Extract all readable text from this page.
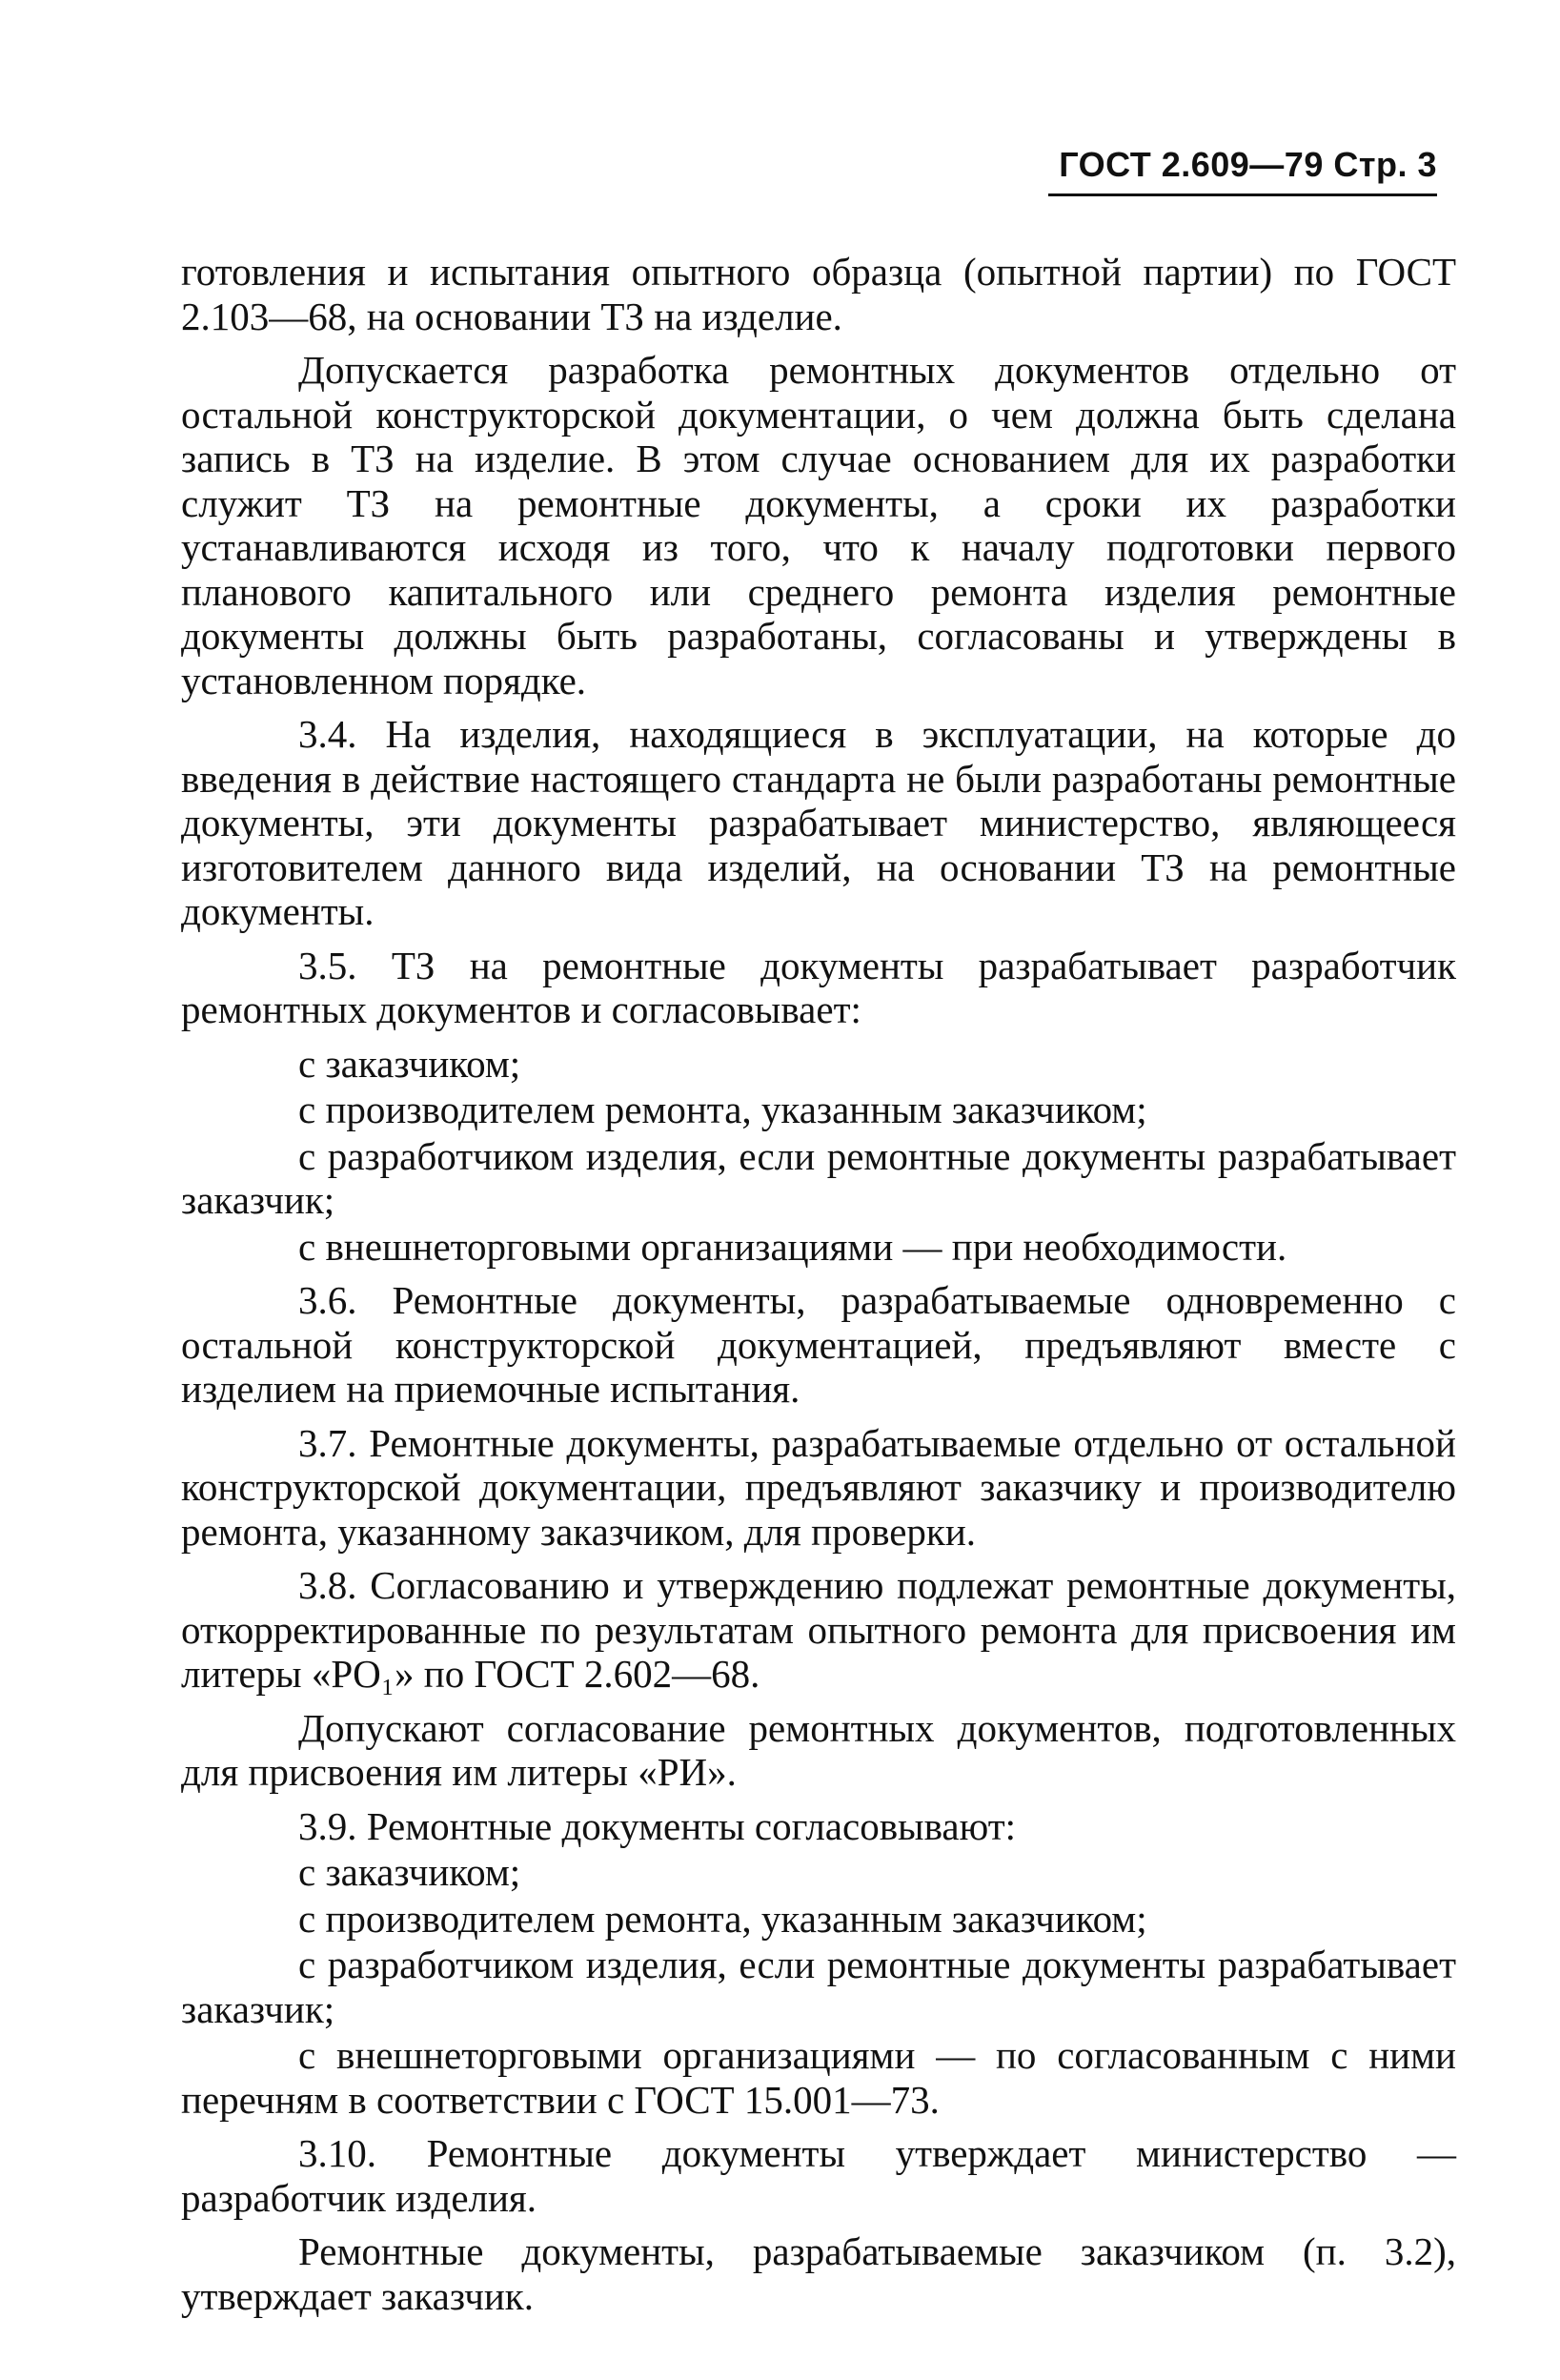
ГОСТ 2.609—79 Стр. 3

готовления и испытания опытного образца (опытной партии) по ГОСТ 2.103—68, на основании ТЗ на изделие.

Допускается разработка ремонтных документов отдельно от остальной конструкторской документации, о чем должна быть сделана запись в ТЗ на изделие. В этом случае основанием для их разработки служит ТЗ на ремонтные документы, а сроки их разработки устанавливаются исходя из того, что к началу подготовки первого планового капитального или среднего ремонта изделия ремонтные документы должны быть разработаны, согласованы и утверждены в установленном порядке.

3.4. На изделия, находящиеся в эксплуатации, на которые до введения в действие настоящего стандарта не были разработаны ремонтные документы, эти документы разрабатывает министерство, являющееся изготовителем данного вида изделий, на основании ТЗ на ремонтные документы.

3.5. ТЗ на ремонтные документы разрабатывает разработчик ремонтных документов и согласовывает:

с заказчиком;

с производителем ремонта, указанным заказчиком;

с разработчиком изделия, если ремонтные документы разрабатывает заказчик;

с внешнеторговыми организациями — при необходимости.

3.6. Ремонтные документы, разрабатываемые одновременно с остальной конструкторской документацией, предъявляют вместе с изделием на приемочные испытания.

3.7. Ремонтные документы, разрабатываемые отдельно от остальной конструкторской документации, предъявляют заказчику и производителю ремонта, указанному заказчиком, для проверки.

3.8. Согласованию и утверждению подлежат ремонтные документы, откорректированные по результатам опытного ремонта для присвоения им литеры «PO₁» по ГОСТ 2.602—68.

Допускают согласование ремонтных документов, подготовленных для присвоения им литеры «РИ».

3.9. Ремонтные документы согласовывают:

с заказчиком;

с производителем ремонта, указанным заказчиком;

с разработчиком изделия, если ремонтные документы разрабатывает заказчик;

с внешнеторговыми организациями — по согласованным с ними перечням в соответствии с ГОСТ 15.001—73.

3.10. Ремонтные документы утверждает министерство — разработчик изделия.

Ремонтные документы, разрабатываемые заказчиком (п. 3.2), утверждает заказчик.
